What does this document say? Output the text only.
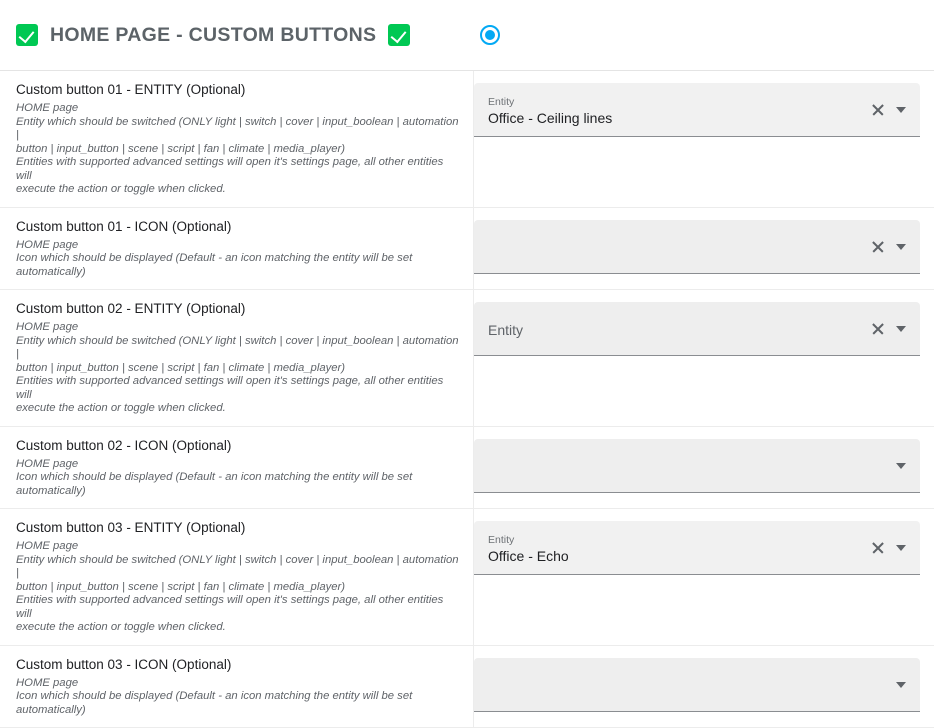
HOME PAGE - CUSTOM BUTTONS
Custom button 01 - ENTITY (Optional)
HOME page
Entity which should be switched (ONLY light | switch | cover | input_boolean | automation |
button | input_button | scene | script | fan | climate | media_player)
Entities with supported advanced settings will open it's settings page, all other entities will
execute the action or toggle when clicked.
Entity
Office - Ceiling lines
Custom button 01 - ICON (Optional)
HOME page
Icon which should be displayed (Default - an icon matching the entity will be set
automatically)
Custom button 02 - ENTITY (Optional)
HOME page
Entity which should be switched (ONLY light | switch | cover | input_boolean | automation |
button | input_button | scene | script | fan | climate | media_player)
Entities with supported advanced settings will open it's settings page, all other entities will
execute the action or toggle when clicked.
Entity
Custom button 02 - ICON (Optional)
HOME page
Icon which should be displayed (Default - an icon matching the entity will be set
automatically)
Custom button 03 - ENTITY (Optional)
HOME page
Entity which should be switched (ONLY light | switch | cover | input_boolean | automation |
button | input_button | scene | script | fan | climate | media_player)
Entities with supported advanced settings will open it's settings page, all other entities will
execute the action or toggle when clicked.
Entity
Office - Echo
Custom button 03 - ICON (Optional)
HOME page
Icon which should be displayed (Default - an icon matching the entity will be set
automatically)
